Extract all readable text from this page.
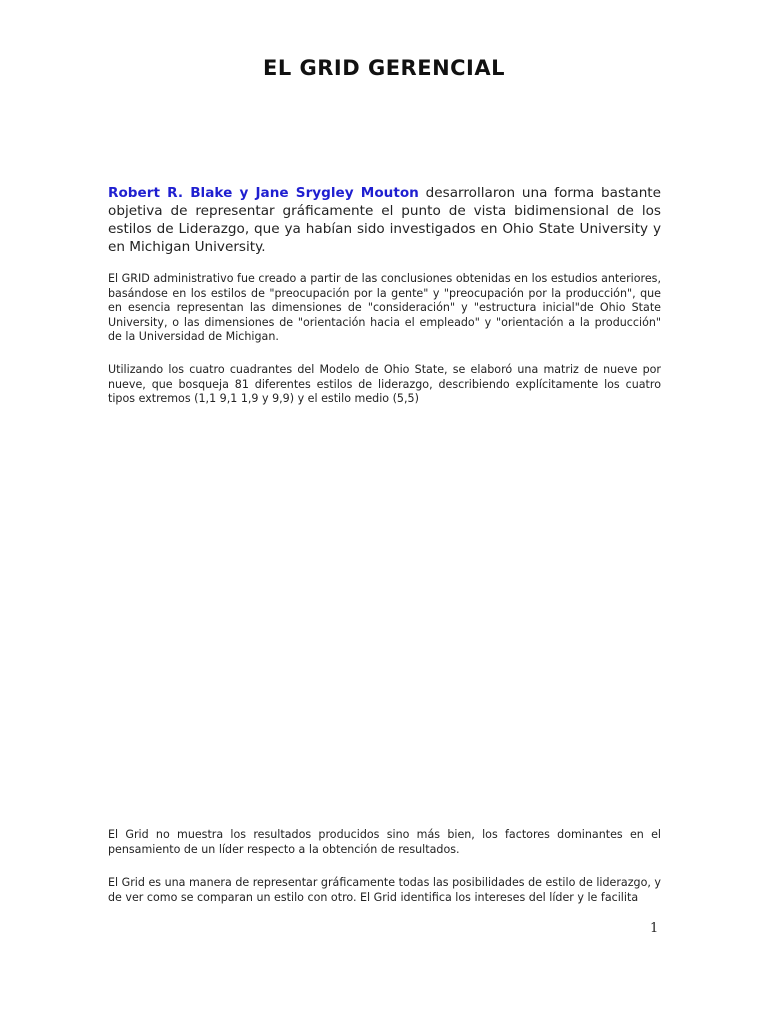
EL GRID GERENCIAL

Robert R. Blake y Jane Srygley Mouton desarrollaron una forma bastante objetiva de representar gráficamente el punto de vista bidimensional de los estilos de Liderazgo, que ya habían sido investigados en Ohio State University y en Michigan University.

El GRID administrativo fue creado a partir de las conclusiones obtenidas en los estudios anteriores, basándose en los estilos de "preocupación por la gente" y "preocupación por la producción", que en esencia representan las dimensiones de "consideración" y "estructura inicial"de Ohio State University, o las dimensiones de "orientación hacia el empleado" y "orientación a la producción" de la Universidad de Michigan.

Utilizando los cuatro cuadrantes del Modelo de Ohio State, se elaboró una matriz de nueve por nueve, que bosqueja 81 diferentes estilos de liderazgo, describiendo explícitamente los cuatro tipos extremos (1,1 9,1 1,9 y 9,9) y el estilo medio (5,5)

El Grid no muestra los resultados producidos sino más bien, los factores dominantes en el pensamiento de un líder respecto a la obtención de resultados.

El Grid es una manera de representar gráficamente todas las posibilidades de estilo de liderazgo, y de ver como se comparan un estilo con otro. El Grid identifica los intereses del líder y le facilita

1
